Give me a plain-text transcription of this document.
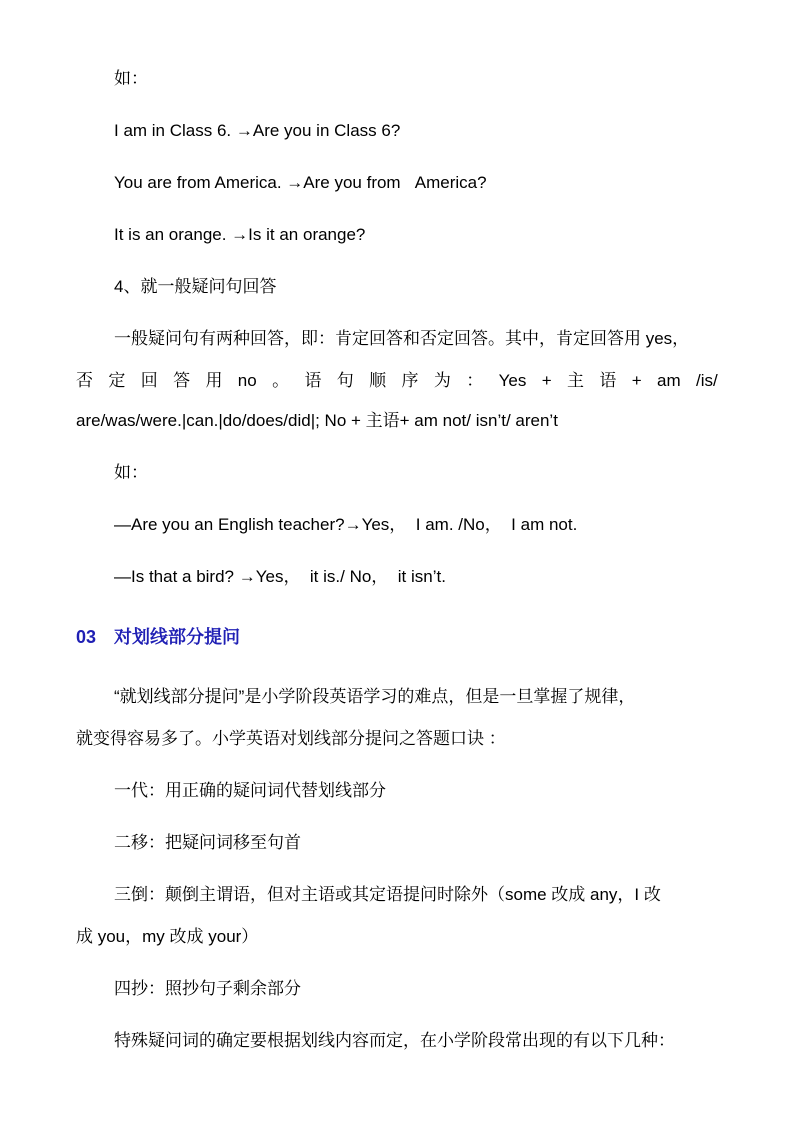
如：
I am in Class 6. →Are you in Class 6?
You are from America. →Are you from   America?
It is an orange. →Is it an orange?
4、就一般疑问句回答
一般疑问句有两种回答，即：肯定回答和否定回答。其中，肯定回答用 yes，
否 定 回 答 用 no 。 语 句 顺 序 为 ： Yes + 主 语 + am /is/
are/was/were.|can.|do/does/did|; No + 主语+ am not/ isn’t/ aren’t
如：
—Are you an English teacher?→Yes，  I am. /No，  I am not.
—Is that a bird? →Yes，  it is./ No，  it isn’t.
03 对划线部分提问
“就划线部分提问”是小学阶段英语学习的难点，但是一旦掌握了规律，
就变得容易多了。小学英语对划线部分提问之答题口诀 ：
一代：用正确的疑问词代替划线部分
二移：把疑问词移至句首
三倒：颠倒主谓语，但对主语或其定语提问时除外（some 改成 any，I 改
成 you，my 改成 your）
四抄：照抄句子剩余部分
特殊疑问词的确定要根据划线内容而定，在小学阶段常出现的有以下几种：
